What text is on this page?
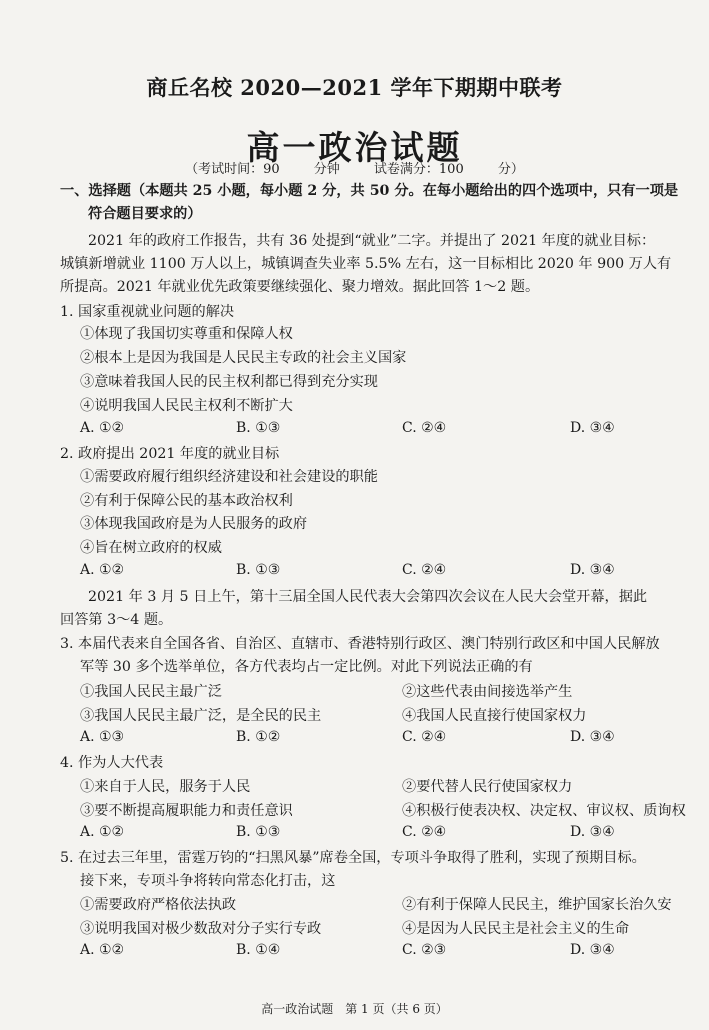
商丘名校 2020—2021 学年下期期中联考
高一政治试题
（考试时间：90 分钟 试卷满分：100 分）
一、选择题（本题共 25 小题，每小题 2 分，共 50 分。在每小题给出的四个选项中，只有一项是
符合题目要求的）
2021 年的政府工作报告，共有 36 处提到“就业”二字。并提出了 2021 年度的就业目标：
城镇新增就业 1100 万人以上，城镇调查失业率 5.5% 左右，这一目标相比 2020 年 900 万人有
所提高。2021 年就业优先政策要继续强化、聚力增效。据此回答 1～2 题。
1. 国家重视就业问题的解决
①体现了我国切实尊重和保障人权
②根本上是因为我国是人民民主专政的社会主义国家
③意味着我国人民的民主权利都已得到充分实现
④说明我国人民民主权利不断扩大
A. ①②	B. ①③	C. ②④	D. ③④
2. 政府提出 2021 年度的就业目标
①需要政府履行组织经济建设和社会建设的职能
②有利于保障公民的基本政治权利
③体现我国政府是为人民服务的政府
④旨在树立政府的权威
A. ①②	B. ①③	C. ②④	D. ③④
2021 年 3 月 5 日上午，第十三届全国人民代表大会第四次会议在人民大会堂开幕，据此
回答第 3～4 题。
3. 本届代表来自全国各省、自治区、直辖市、香港特别行政区、澳门特别行政区和中国人民解放
军等 30 多个选举单位，各方代表均占一定比例。对此下列说法正确的有
①我国人民民主最广泛	②这些代表由间接选举产生
③我国人民民主最广泛，是全民的民主	④我国人民直接行使国家权力
A. ①③	B. ①②	C. ②④	D. ③④
4. 作为人大代表
①来自于人民，服务于人民	②要代替人民行使国家权力
③要不断提高履职能力和责任意识	④积极行使表决权、决定权、审议权、质询权
A. ①②	B. ①③	C. ②④	D. ③④
5. 在过去三年里，雷霆万钧的“扫黑风暴”席卷全国，专项斗争取得了胜利，实现了预期目标。
接下来，专项斗争将转向常态化打击，这
①需要政府严格依法执政	②有利于保障人民民主，维护国家长治久安
③说明我国对极少数敌对分子实行专政	④是因为人民民主是社会主义的生命
A. ①②	B. ①④	C. ②③	D. ③④
高一政治试题　第 1 页（共 6 页）
